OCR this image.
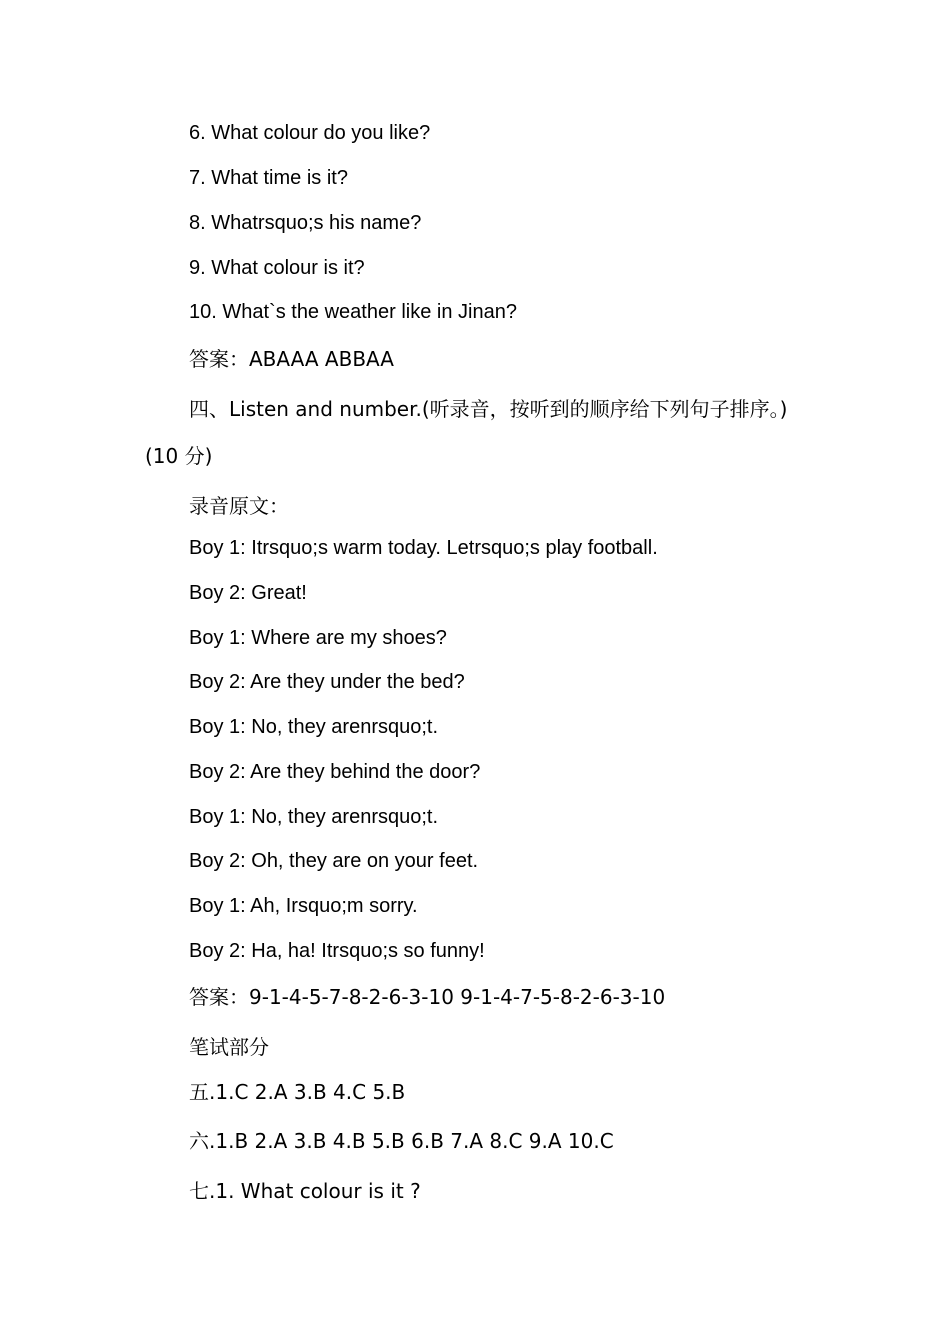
6. What colour do you like?
7. What time is it?
8. Whatrsquo;s his name?
9. What colour is it?
10. What`s the weather like in Jinan?
答案：ABAAA ABBAA
四、Listen and number.(听录音，按听到的顺序给下列句子排序。)
(10 分)
录音原文：
Boy 1: Itrsquo;s warm today. Letrsquo;s play football.
Boy 2: Great!
Boy 1: Where are my shoes?
Boy 2: Are they under the bed?
Boy 1: No, they arenrsquo;t.
Boy 2: Are they behind the door?
Boy 1: No, they arenrsquo;t.
Boy 2: Oh, they are on your feet.
Boy 1: Ah, Irsquo;m sorry.
Boy 2: Ha, ha! Itrsquo;s so funny!
答案：9-1-4-5-7-8-2-6-3-10 9-1-4-7-5-8-2-6-3-10
笔试部分
五.1.C 2.A 3.B 4.C 5.B
六.1.B 2.A 3.B 4.B 5.B 6.B 7.A 8.C 9.A 10.C
七.1. What colour is it ?
